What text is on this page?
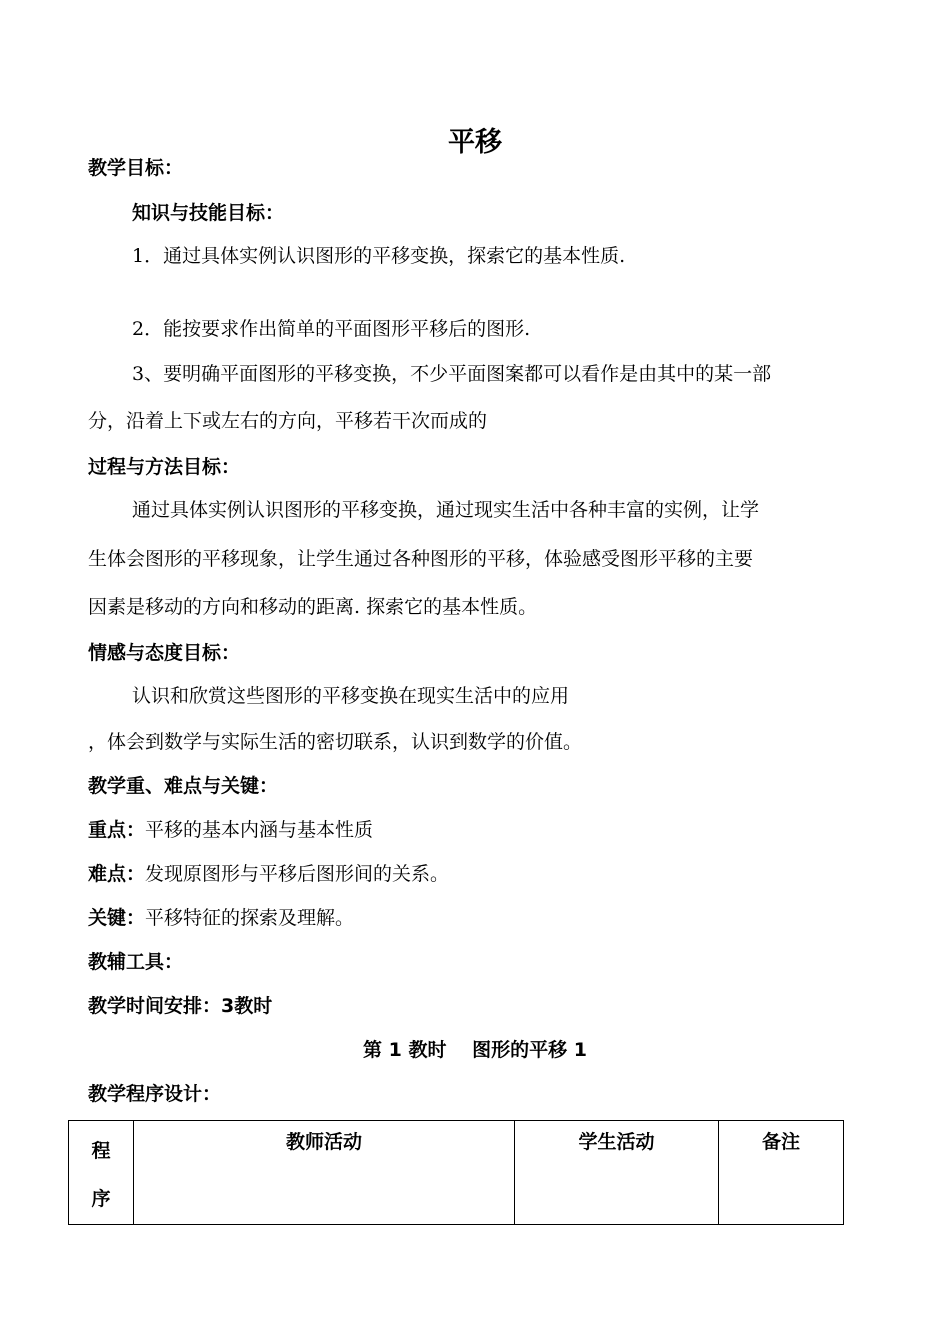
平移
教学目标：
知识与技能目标：
1．通过具体实例认识图形的平移变换，探索它的基本性质.
2．能按要求作出简单的平面图形平移后的图形.
3、要明确平面图形的平移变换，不少平面图案都可以看作是由其中的某一部
分，沿着上下或左右的方向，平移若干次而成的
过程与方法目标：
通过具体实例认识图形的平移变换，通过现实生活中各种丰富的实例，让学
生体会图形的平移现象，让学生通过各种图形的平移，体验感受图形平移的主要
因素是移动的方向和移动的距离. 探索它的基本性质。
情感与态度目标：
认识和欣赏这些图形的平移变换在现实生活中的应用
，体会到数学与实际生活的密切联系，认识到数学的价值。
教学重、难点与关键：
重点：平移的基本内涵与基本性质
难点：发现原图形与平移后图形间的关系。
关键：平移特征的探索及理解。
教辅工具：
教学时间安排：3教时
第 1 教时　 图形的平移 1
教学程序设计：
程
序
	教师活动	学生活动	备注
